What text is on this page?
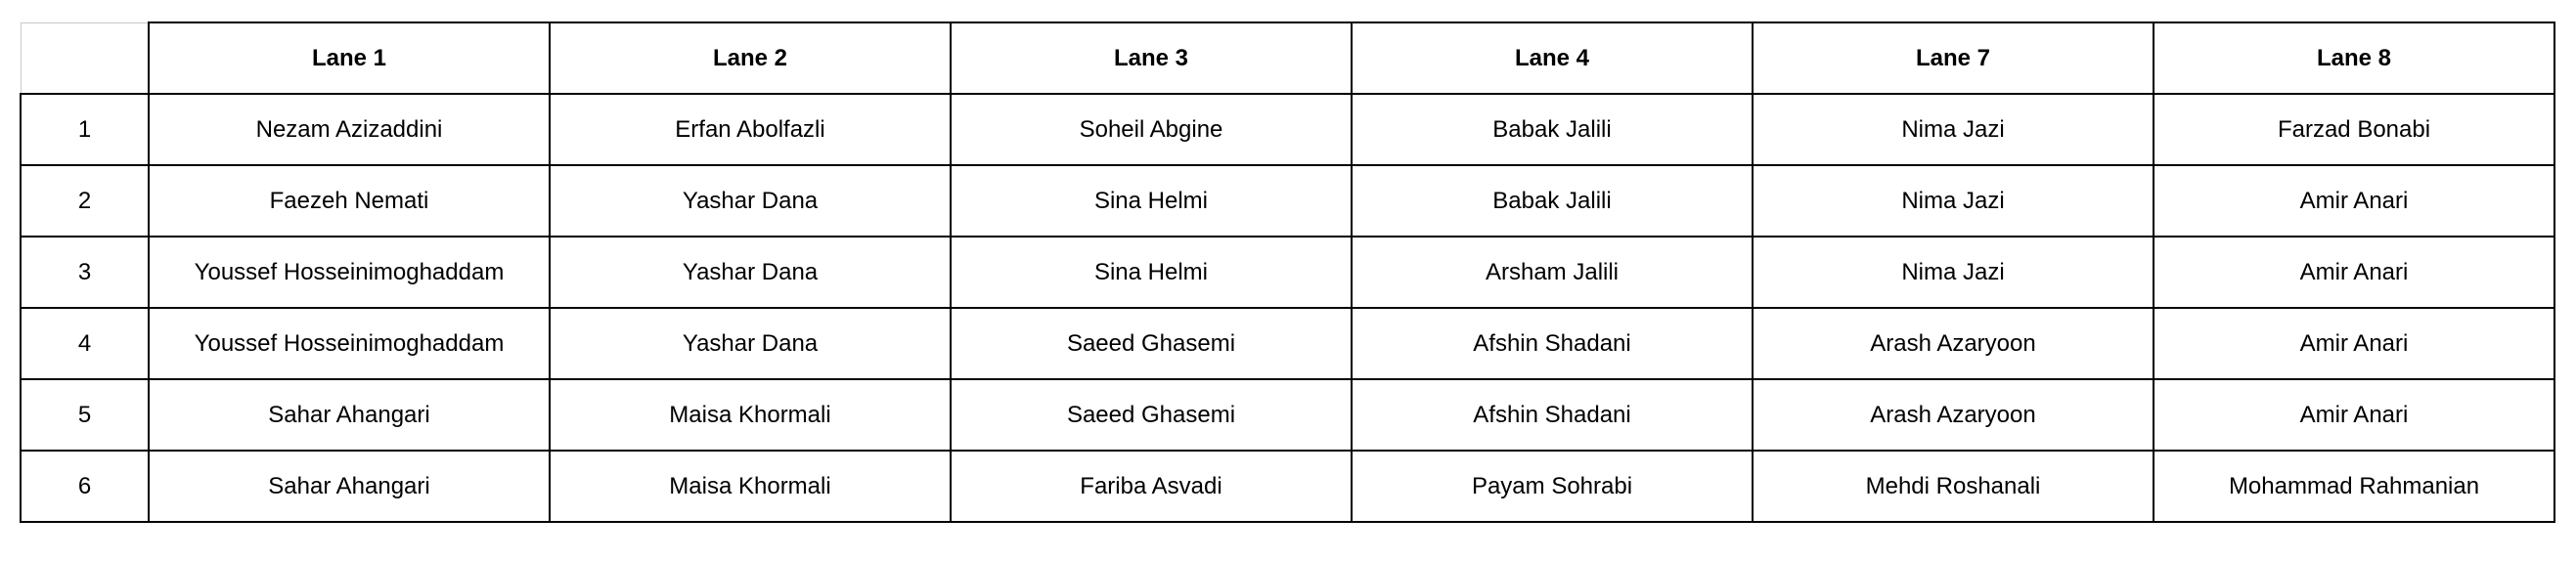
	Lane 1	Lane 2	Lane 3	Lane 4	Lane 7	Lane 8
1	Nezam Azizaddini	Erfan Abolfazli	Soheil Abgine	Babak Jalili	Nima Jazi	Farzad Bonabi
2	Faezeh Nemati	Yashar Dana	Sina Helmi	Babak Jalili	Nima Jazi	Amir Anari
3	Youssef Hosseinimoghaddam	Yashar Dana	Sina Helmi	Arsham Jalili	Nima Jazi	Amir Anari
4	Youssef Hosseinimoghaddam	Yashar Dana	Saeed Ghasemi	Afshin Shadani	Arash Azaryoon	Amir Anari
5	Sahar Ahangari	Maisa Khormali	Saeed Ghasemi	Afshin Shadani	Arash Azaryoon	Amir Anari
6	Sahar Ahangari	Maisa Khormali	Fariba Asvadi	Payam Sohrabi	Mehdi Roshanali	Mohammad Rahmanian
